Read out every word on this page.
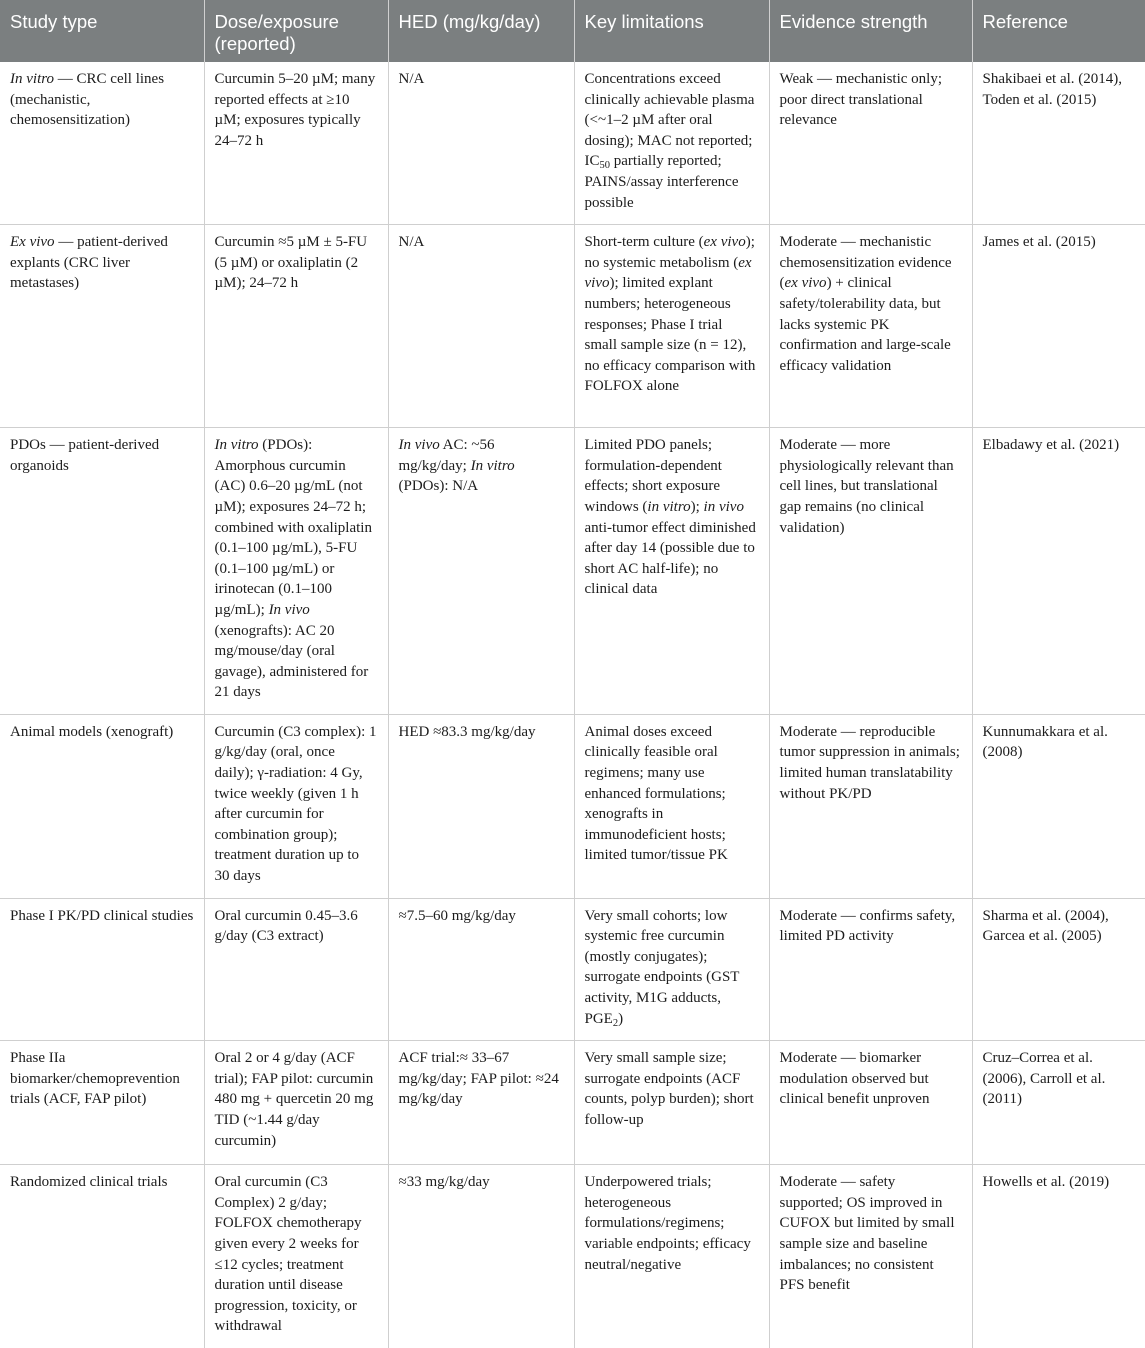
Study type	Dose/exposure (reported)	HED (mg/kg/day)	Key limitations	Evidence strength	Reference
In vitro — CRC cell lines (mechanistic, chemosensitization)	Curcumin 5–20 µM; many reported effects at ≥10 µM; exposures typically 24–72 h	N/A	Concentrations exceed clinically achievable plasma (<~1–2 µM after oral dosing); MAC not reported; $IC_{50}$ partially reported; PAINS/assay interference possible	Weak — mechanistic only; poor direct translational relevance	Shakibaei et al. (2014), Toden et al. (2015)
Ex vivo — patient-derived explants (CRC liver metastases)	Curcumin ≈5 µM ± 5-FU (5 µM) or oxaliplatin (2 µM); 24–72 h	N/A	Short-term culture (ex vivo); no systemic metabolism (ex vivo); limited explant numbers; heterogeneous responses; Phase I trial small sample size (n = 12), no efficacy comparison with FOLFOX alone	Moderate — mechanistic chemosensitization evidence (ex vivo) + clinical safety/tolerability data, but lacks systemic PK confirmation and large-scale efficacy validation	James et al. (2015)
PDOs — patient-derived organoids	In vitro (PDOs): Amorphous curcumin (AC) 0.6–20 µg/mL (not µM); exposures 24–72 h; combined with oxaliplatin (0.1–100 µg/mL), 5-FU (0.1–100 µg/mL) or irinotecan (0.1–100 µg/mL); In vivo (xenografts): AC 20 mg/mouse/day (oral gavage), administered for 21 days	In vivo AC: ~56 mg/kg/day; In vitro (PDOs): N/A	Limited PDO panels; formulation-dependent effects; short exposure windows (in vitro); in vivo anti-tumor effect diminished after day 14 (possible due to short AC half-life); no clinical data	Moderate — more physiologically relevant than cell lines, but translational gap remains (no clinical validation)	Elbadawy et al. (2021)
Animal models (xenograft)	Curcumin (C3 complex): 1 g/kg/day (oral, once daily); γ-radiation: 4 Gy, twice weekly (given 1 h after curcumin for combination group); treatment duration up to 30 days	HED ≈83.3 mg/kg/day	Animal doses exceed clinically feasible oral regimens; many use enhanced formulations; xenografts in immunodeficient hosts; limited tumor/tissue PK	Moderate — reproducible tumor suppression in animals; limited human translatability without PK/PD	Kunnumakkara et al. (2008)
Phase I PK/PD clinical studies	Oral curcumin 0.45–3.6 g/day (C3 extract)	≈7.5–60 mg/kg/day	Very small cohorts; low systemic free curcumin (mostly conjugates); surrogate endpoints (GST activity, M1G adducts, $PGE_2$)	Moderate — confirms safety, limited PD activity	Sharma et al. (2004), Garcea et al. (2005)
Phase IIa biomarker/chemoprevention trials (ACF, FAP pilot)	Oral 2 or 4 g/day (ACF trial); FAP pilot: curcumin 480 mg + quercetin 20 mg TID (~1.44 g/day curcumin)	ACF trial:≈ 33–67 mg/kg/day; FAP pilot: ≈24 mg/kg/day	Very small sample size; surrogate endpoints (ACF counts, polyp burden); short follow-up	Moderate — biomarker modulation observed but clinical benefit unproven	Cruz–Correa et al. (2006), Carroll et al. (2011)
Randomized clinical trials	Oral curcumin (C3 Complex) 2 g/day; FOLFOX chemotherapy given every 2 weeks for ≤12 cycles; treatment duration until disease progression, toxicity, or withdrawal	≈33 mg/kg/day	Underpowered trials; heterogeneous formulations/regimens; variable endpoints; efficacy neutral/negative	Moderate — safety supported; OS improved in CUFOX but limited by small sample size and baseline imbalances; no consistent PFS benefit	Howells et al. (2019)
